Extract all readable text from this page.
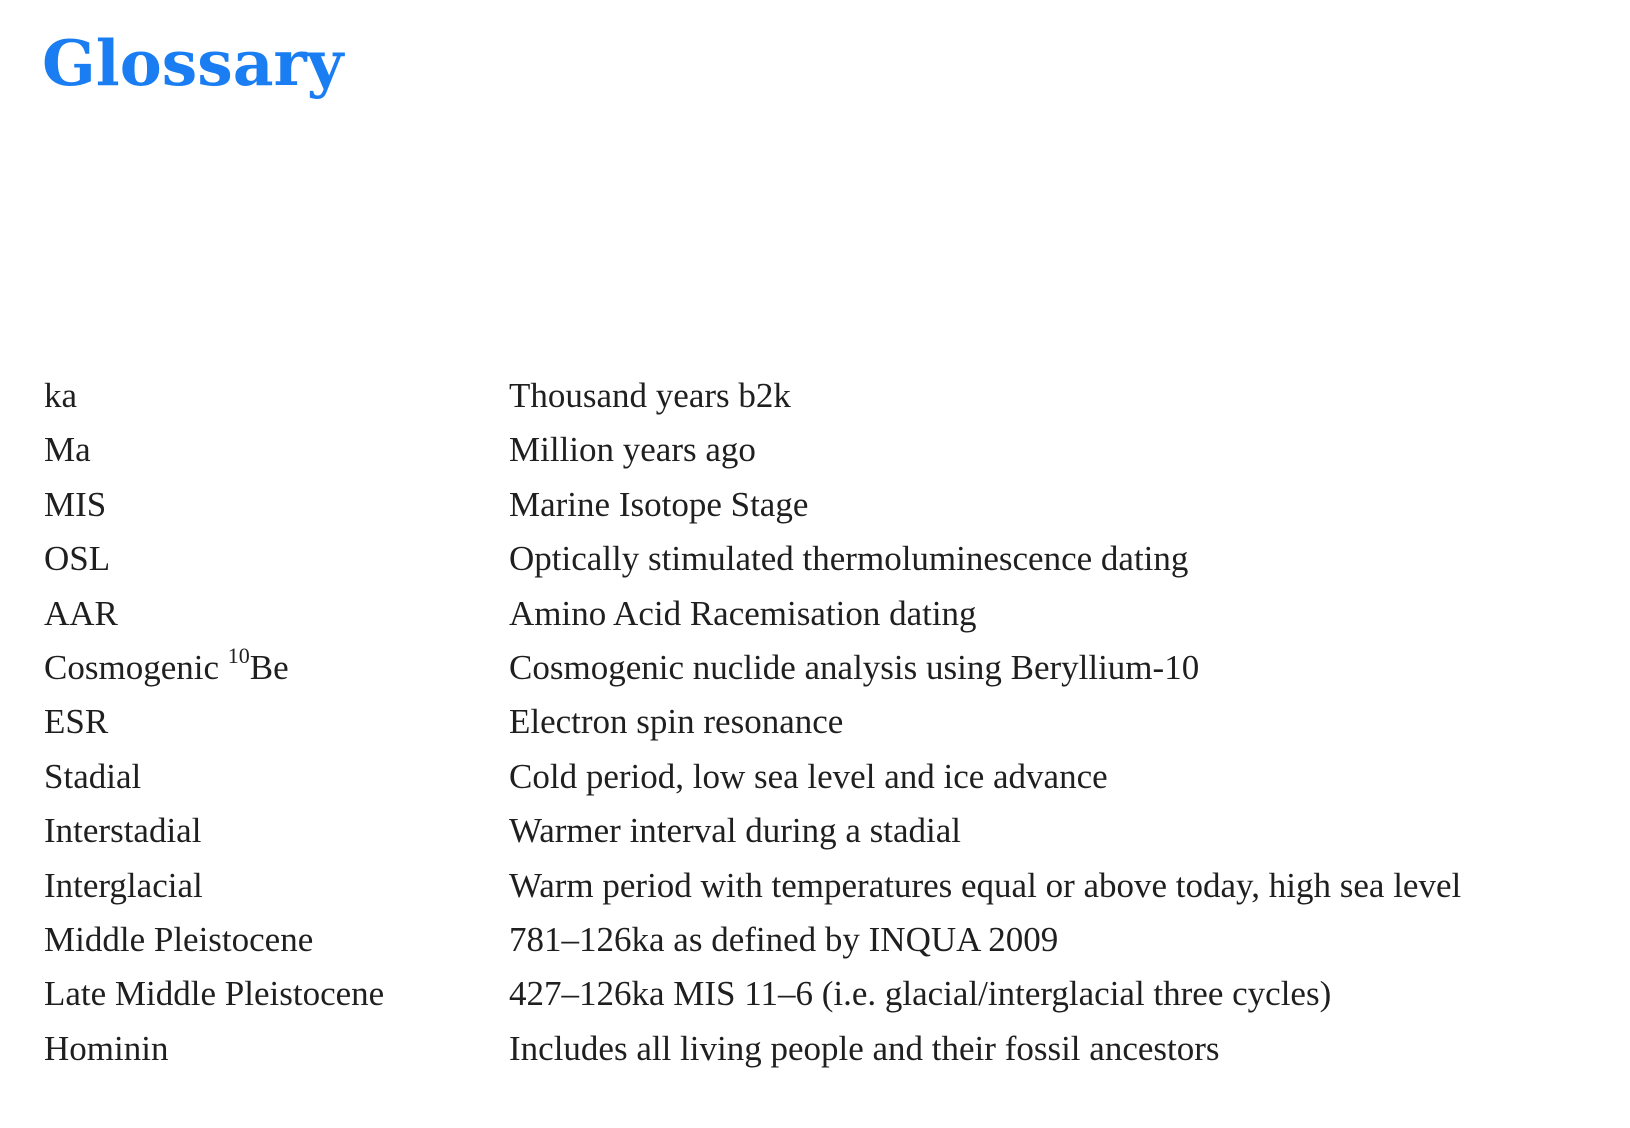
Glossary
ka	Thousand years b2k
Ma	Million years ago
MIS	Marine Isotope Stage
OSL	Optically stimulated thermoluminescence dating
AAR	Amino Acid Racemisation dating
Cosmogenic $^{10}$Be	Cosmogenic nuclide analysis using Beryllium-10
ESR	Electron spin resonance
Stadial	Cold period, low sea level and ice advance
Interstadial	Warmer interval during a stadial
Interglacial	Warm period with temperatures equal or above today, high sea level
Middle Pleistocene	781–126ka as defined by INQUA 2009
Late Middle Pleistocene	427–126ka MIS 11–6 (i.e. glacial/interglacial three cycles)
Hominin	Includes all living people and their fossil ancestors
